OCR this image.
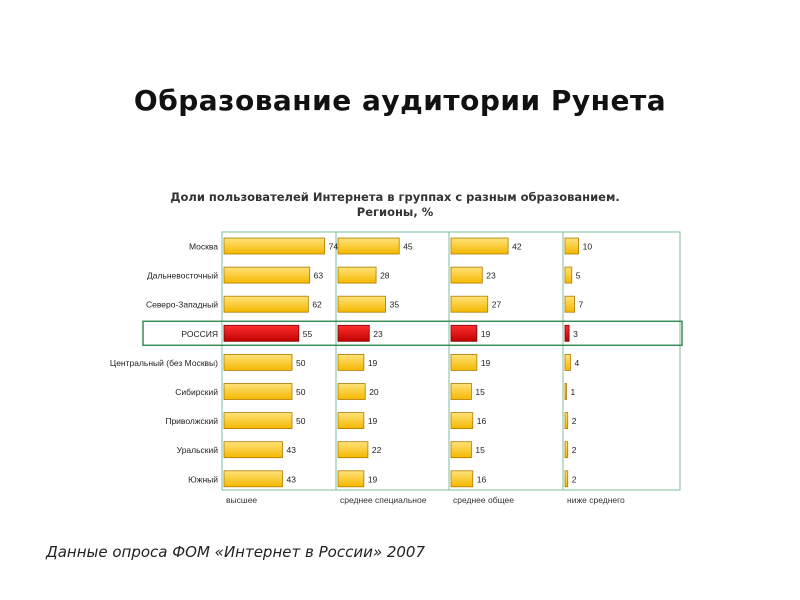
Образование аудитории Рунета
Доли пользователей Интернета в группах с разным образованием.
Регионы, %
Москва	74	45	42	10
Дальневосточный	63	28	23	5
Северо-Западный	62	35	27	7
РОССИЯ	55	23	19	3
Центральный (без Москвы)	50	19	19	4
Сибирский	50	20	15	1
Приволжский	50	19	16	2
Уральский	43	22	15	2
Южный	43	19	16	2
высшее	среднее специальное	среднее общее	ниже среднего
Данные опроса ФОМ «Интернет в России» 2007
